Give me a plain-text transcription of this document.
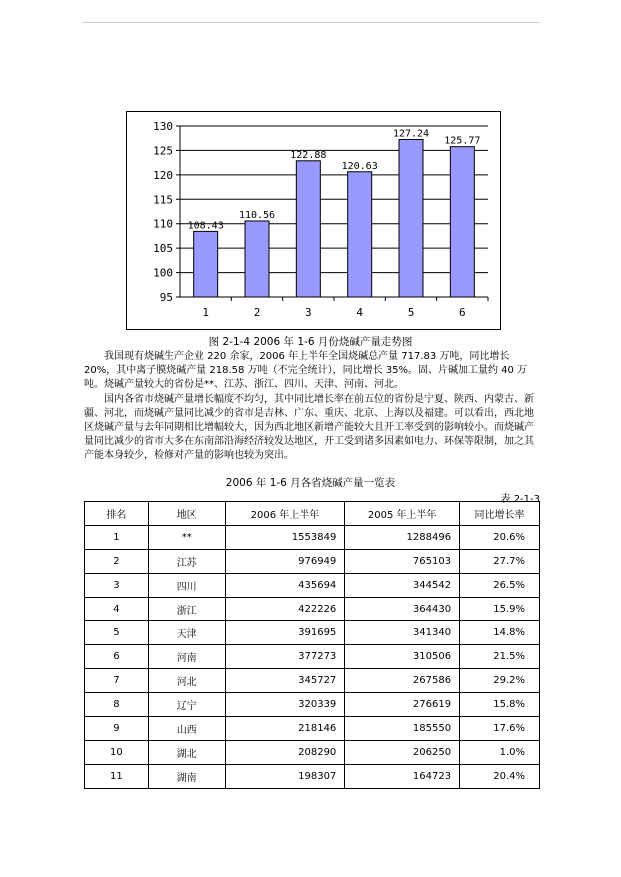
95
100
105
110
115
120
125
130
108.43
1
110.56
2
122.88
3
120.63
4
127.24
5
125.77
6
图 2-1-4 2006 年 1-6 月份烧碱产量走势图

我国现有烧碱生产企业 220 余家，2006 年上半年全国烧碱总产量 717.83 万吨，同比增长 20%，其中离子膜烧碱产量 218.58 万吨（不完全统计），同比增长 35%。固、片碱加工量约 40 万吨。烧碱产量较大的省份是**、江苏、浙江、四川、天津、河南、河北。

国内各省市烧碱产量增长幅度不均匀，其中同比增长率在前五位的省份是宁夏、陕西、内蒙古、新疆、河北，而烧碱产量同比减少的省市是吉林、广东、重庆、北京、上海以及福建。可以看出，西北地区烧碱产量与去年同期相比增幅较大，因为西北地区新增产能较大且开工率受到的影响较小。而烧碱产量同比减少的省市大多在东南部沿海经济较发达地区，开工受到诸多因素如电力、环保等限制，加之其产能本身较少，检修对产量的影响也较为突出。

2006 年 1-6 月各省烧碱产量一览表
表 2-1-3
排名	地区	2006 年上半年	2005 年上半年	同比增长率
1	**	1553849	1288496	20.6%
2	江苏	976949	765103	27.7%
3	四川	435694	344542	26.5%
4	浙江	422226	364430	15.9%
5	天津	391695	341340	14.8%
6	河南	377273	310506	21.5%
7	河北	345727	267586	29.2%
8	辽宁	320339	276619	15.8%
9	山西	218146	185550	17.6%
10	湖北	208290	206250	1.0%
11	湖南	198307	164723	20.4%
